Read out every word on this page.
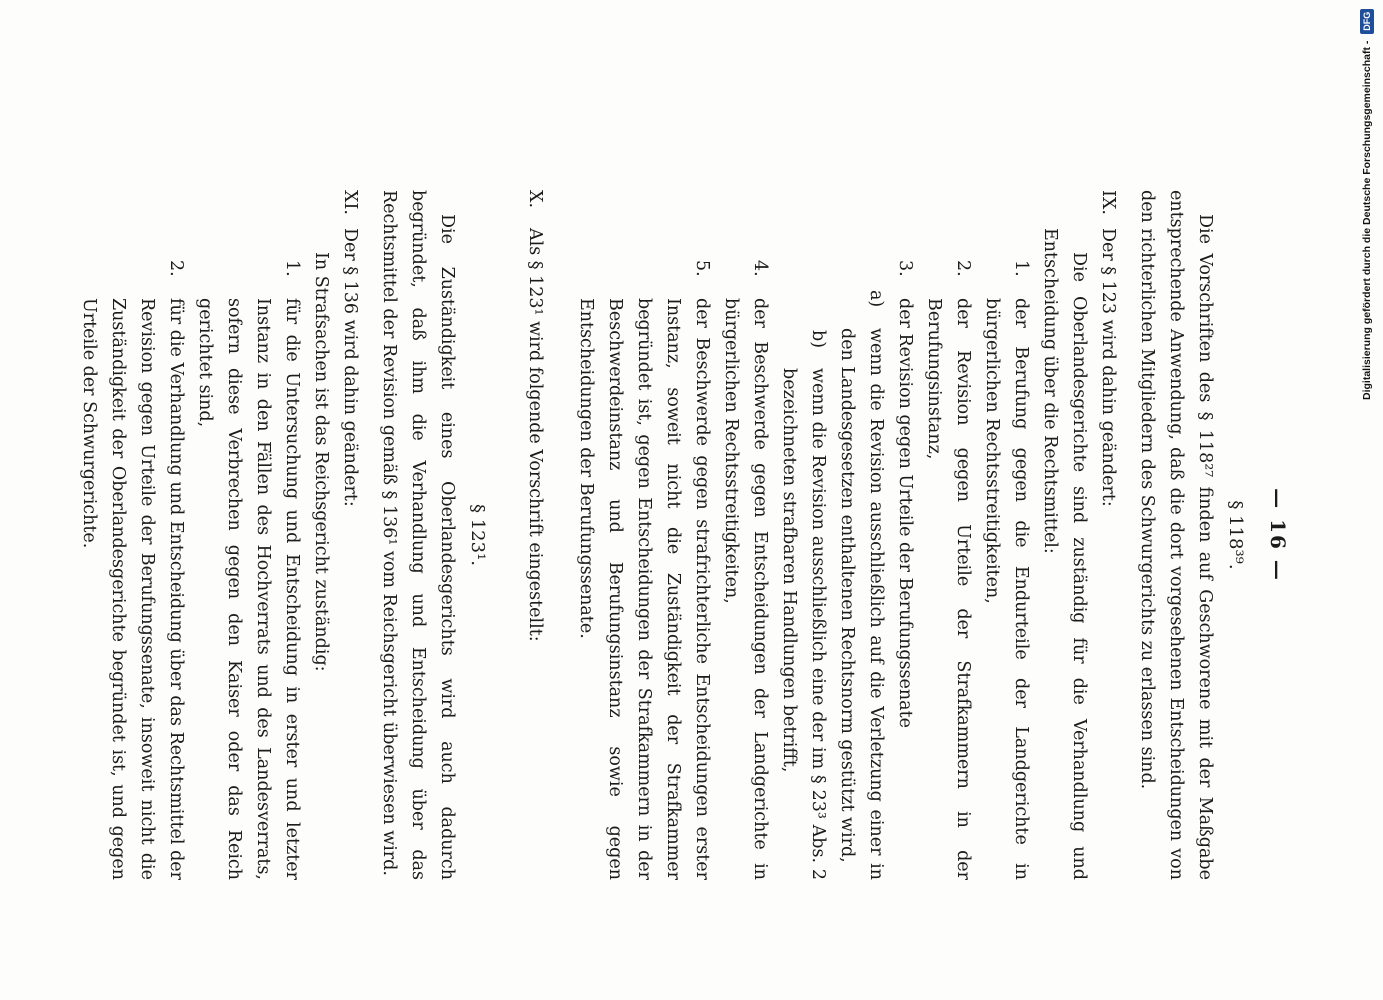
— 16 —

§ 118³⁹.

Die Vorschriften des § 118²⁷ finden auf Geschworene mit der Maßgabe entsprechende Anwendung, daß die dort vorgesehenen Entscheidungen von den richterlichen Mitgliedern des Schwurgerichts zu erlassen sind.

IX.
Der § 123 wird dahin geändert:

Die Oberlandesgerichte sind zuständig für die Verhandlung und Entscheidung über die Rechtsmittel:

1.
der Berufung gegen die Endurteile der Landgerichte in bürgerlichen Rechtsstreitigkeiten,
2.
der Revision gegen Urteile der Strafkammern in der Berufungsinstanz,
3.
der Revision gegen Urteile der Berufungssenate
a)
wenn die Revision ausschließlich auf die Verletzung einer in den Landesgesetzen enthaltenen Rechtsnorm gestützt wird,
b)
wenn die Revision ausschließlich eine der im § 23³ Abs. 2 bezeichneten strafbaren Handlungen betrifft,
4.
der Beschwerde gegen Entscheidungen der Landgerichte in bürgerlichen Rechtsstreitigkeiten,
5.
der Beschwerde gegen strafrichterliche Entscheidungen erster Instanz, soweit nicht die Zuständigkeit der Strafkammer begründet ist, gegen Entscheidungen der Strafkammern in der Beschwerdeinstanz und Berufungsinstanz sowie gegen Entscheidungen der Berufungssenate.
X.
Als § 123¹ wird folgende Vorschrift eingestellt:

§ 123¹.

Die Zuständigkeit eines Oberlandesgerichts wird auch dadurch begründet, daß ihm die Verhandlung und Entscheidung über das Rechtsmittel der Revision gemäß § 136¹ vom Reichsgericht überwiesen wird.

XI.
Der § 136 wird dahin geändert:

In Strafsachen ist das Reichsgericht zuständig:

1.
für die Untersuchung und Entscheidung in erster und letzter Instanz in den Fällen des Hochverrats und des Landesverrats, sofern diese Verbrechen gegen den Kaiser oder das Reich gerichtet sind,
2.
für die Verhandlung und Entscheidung über das Rechtsmittel der Revision gegen Urteile der Berufungssenate, insoweit nicht die Zuständigkeit der Oberlandesgerichte begründet ist, und gegen Urteile der Schwurgerichte.
Digitalisierung gefördert durch die Deutsche Forschungsgemeinschaft - DFG
